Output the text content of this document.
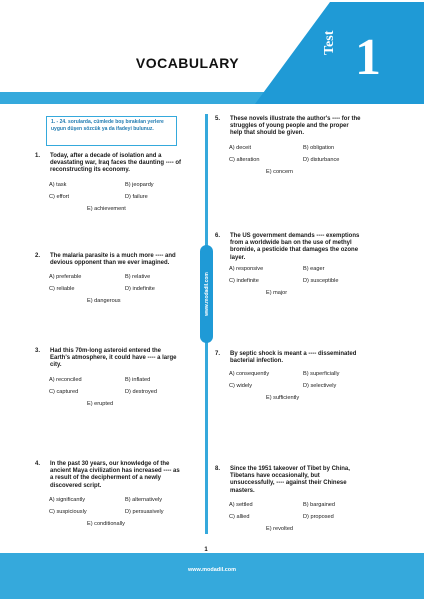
Test 1
VOCABULARY
www.modadil.com
1. - 24. sorularda, cümlede boş bırakılan yerlere uygun düşen sözcük ya da ifadeyi bulunuz.
1. Today, after a decade of isolation and a
devastating war, Iraq faces the daunting ---- of
reconstructing its economy.
A) task	B) jeopardy
C) effort	D) failure
E) achievement
2. The malaria parasite is a much more ---- and
devious opponent than we ever imagined.
A) preferable	B) relative
C) reliable	D) indefinite
E) dangerous
3. Had this 70m-long asteroid entered the
Earth's atmosphere, it could have ---- a large
city.
A) reconciled	B) inflated
C) captured	D) destroyed
E) erupted
4. In the past 30 years, our knowledge of the
ancient Maya civilization has increased ---- as
a result of the decipherment of a newly
discovered script.
A) significantly	B) alternatively
C) suspiciously	D) persuasively
E) conditionally
5. These novels illustrate the author's ---- for the
struggles of young people and the proper
help that should be given.
A) deceit	B) obligation
C) alteration	D) disturbance
E) concern
6. The US government demands ---- exemptions
from a worldwide ban on the use of methyl
bromide, a pesticide that damages the ozone
layer.
A) responsive	B) eager
C) indefinite	D) susceptible
E) major
7. By septic shock is meant a ---- disseminated
bacterial infection.
A) consequently	B) superficially
C) widely	D) selectively
E) sufficiently
8. Since the 1951 takeover of Tibet by China,
Tibetans have occasionally, but
unsuccessfully, ---- against their Chinese
masters.
A) settled	B) bargained
C) allied	D) proposed
E) revolted
1
www.modadil.com
